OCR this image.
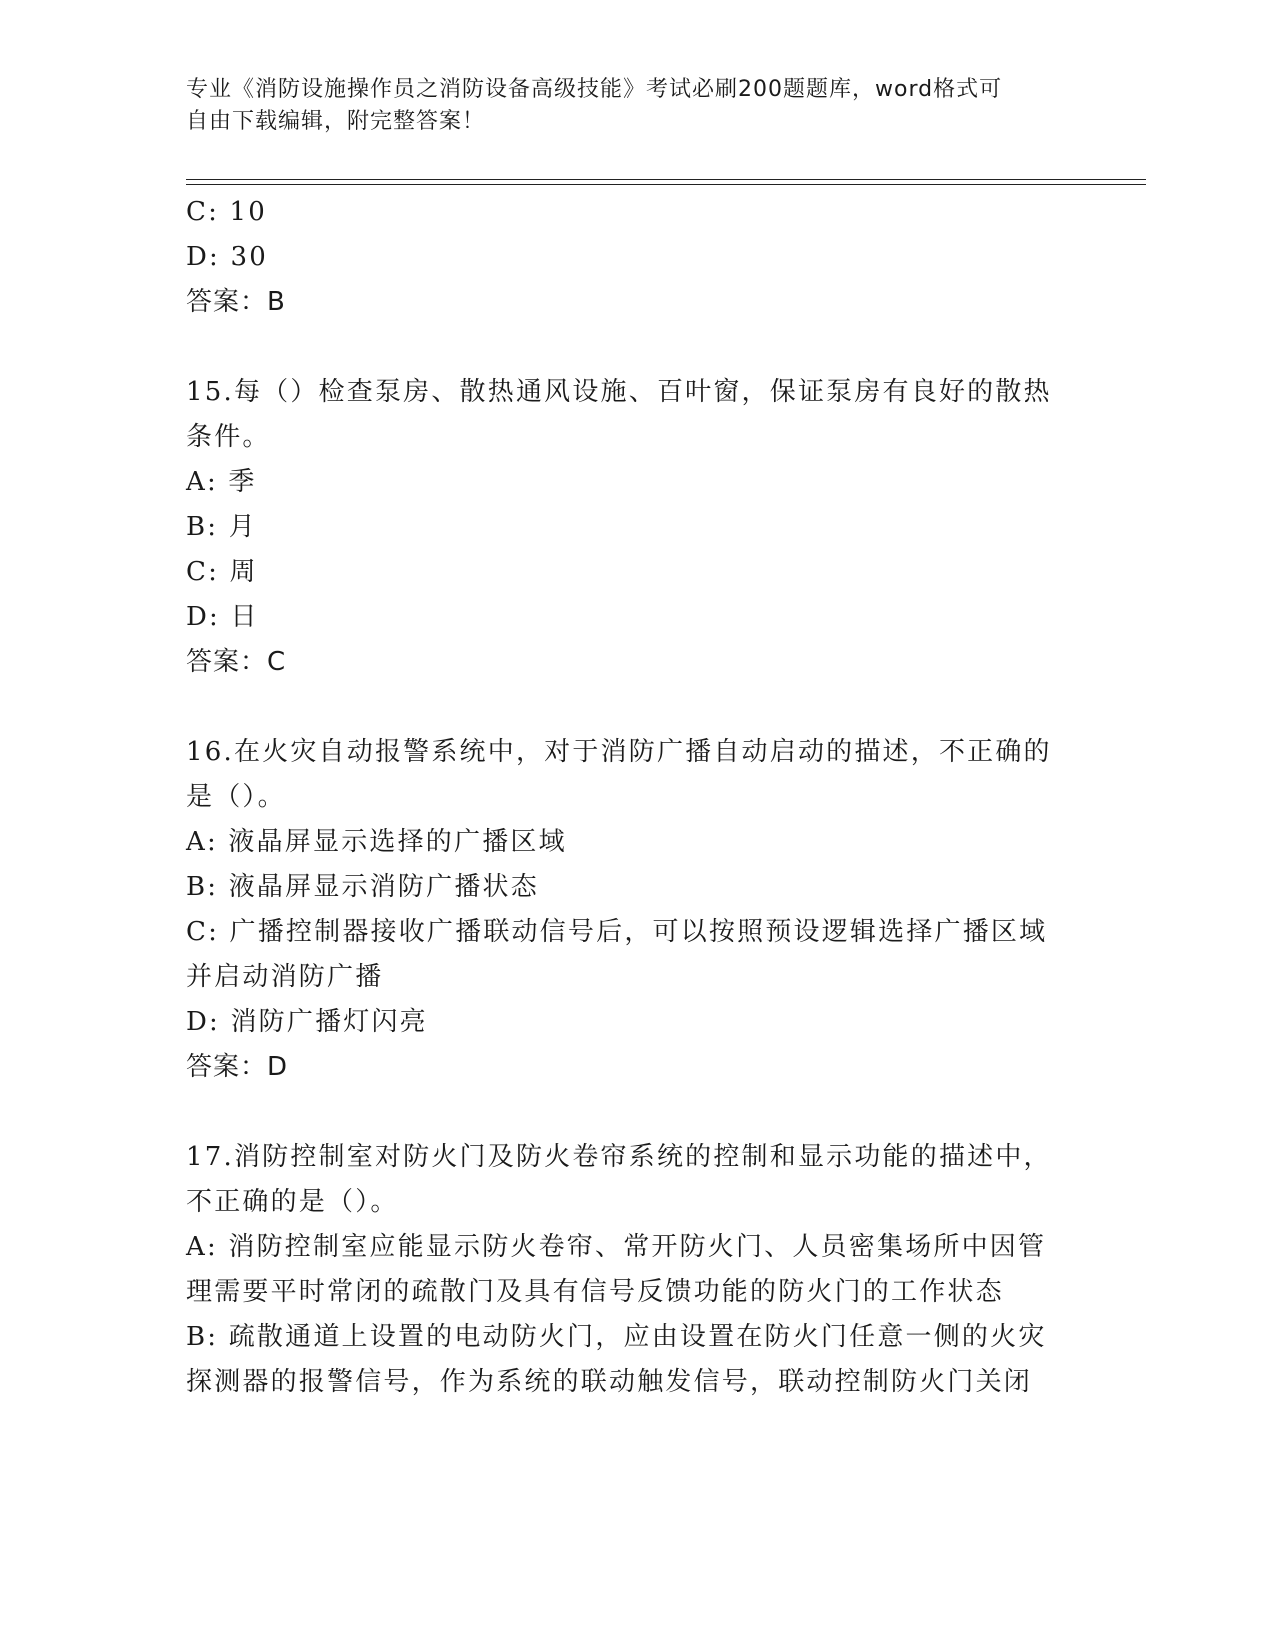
专业《消防设施操作员之消防设备高级技能》考试必刷200题题库，word格式可
自由下载编辑，附完整答案！
C: 10
D: 30
答案：B
15.每（）检查泵房、散热通风设施、百叶窗，保证泵房有良好的散热
条件。
A: 季
B: 月
C: 周
D: 日
答案：C
16.在火灾自动报警系统中，对于消防广播自动启动的描述，不正确的
是（）。
A: 液晶屏显示选择的广播区域
B: 液晶屏显示消防广播状态
C: 广播控制器接收广播联动信号后，可以按照预设逻辑选择广播区域
并启动消防广播
D: 消防广播灯闪亮
答案：D
17.消防控制室对防火门及防火卷帘系统的控制和显示功能的描述中，
不正确的是（）。
A: 消防控制室应能显示防火卷帘、常开防火门、人员密集场所中因管
理需要平时常闭的疏散门及具有信号反馈功能的防火门的工作状态
B: 疏散通道上设置的电动防火门，应由设置在防火门任意一侧的火灾
探测器的报警信号，作为系统的联动触发信号，联动控制防火门关闭
